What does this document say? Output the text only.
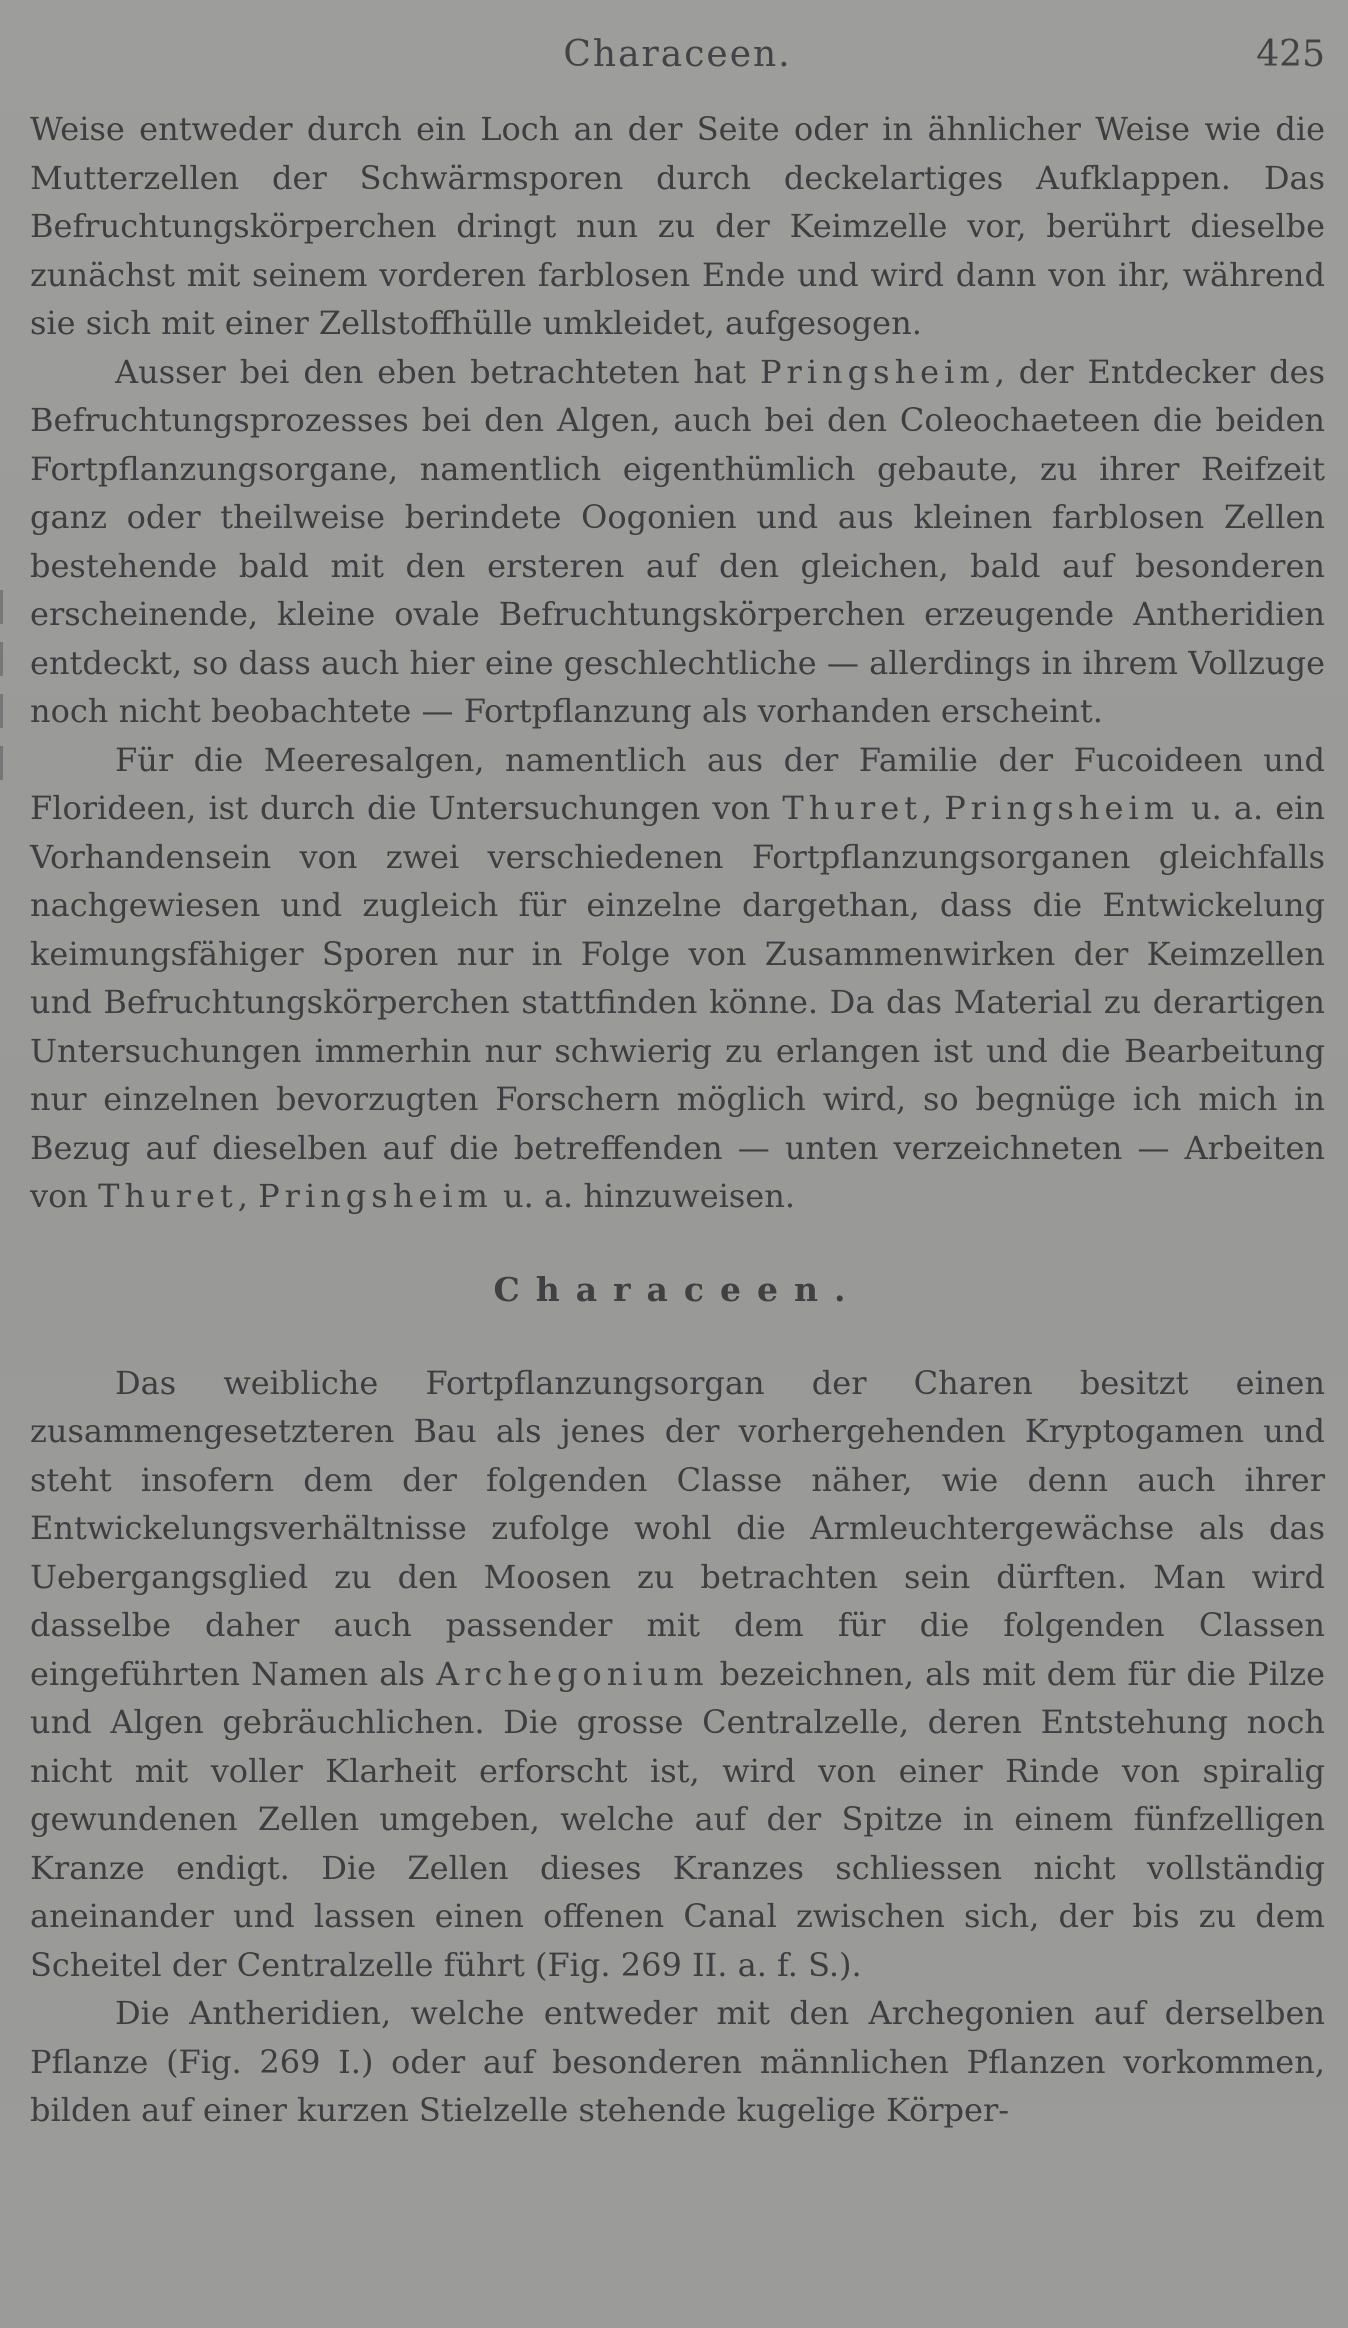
Characeen.	425

Weise entweder durch ein Loch an der Seite oder in ähnlicher Weise wie die Mutterzellen der Schwärmsporen durch deckelartiges Aufklappen. Das Befruchtungskörperchen dringt nun zu der Keimzelle vor, berührt dieselbe zunächst mit seinem vorderen farblosen Ende und wird dann von ihr, während sie sich mit einer Zellstoffhülle umkleidet, aufgesogen.

Ausser bei den eben betrachteten hat Pringsheim, der Entdecker des Befruchtungsprozesses bei den Algen, auch bei den Coleochaeteen die beiden Fortpflanzungsorgane, namentlich eigenthümlich gebaute, zu ihrer Reifzeit ganz oder theilweise berindete Oogonien und aus kleinen farblosen Zellen bestehende bald mit den ersteren auf den gleichen, bald auf besonderen erscheinende, kleine ovale Befruchtungskörperchen erzeugende Antheridien entdeckt, so dass auch hier eine geschlechtliche — allerdings in ihrem Vollzuge noch nicht beobachtete — Fortpflanzung als vorhanden erscheint.

Für die Meeresalgen, namentlich aus der Familie der Fucoideen und Florideen, ist durch die Untersuchungen von Thuret, Pringsheim u. a. ein Vorhandensein von zwei verschiedenen Fortpflanzungsorganen gleichfalls nachgewiesen und zugleich für einzelne dargethan, dass die Entwickelung keimungsfähiger Sporen nur in Folge von Zusammenwirken der Keimzellen und Befruchtungskörperchen stattfinden könne. Da das Material zu derartigen Untersuchungen immerhin nur schwierig zu erlangen ist und die Bearbeitung nur einzelnen bevorzugten Forschern möglich wird, so begnüge ich mich in Bezug auf dieselben auf die betreffenden — unten verzeichneten — Arbeiten von Thuret, Pringsheim u. a. hinzuweisen.

Characeen.

Das weibliche Fortpflanzungsorgan der Charen besitzt einen zusammengesetzteren Bau als jenes der vorhergehenden Kryptogamen und steht insofern dem der folgenden Classe näher, wie denn auch ihrer Entwickelungsverhältnisse zufolge wohl die Armleuchtergewächse als das Uebergangsglied zu den Moosen zu betrachten sein dürften. Man wird dasselbe daher auch passender mit dem für die folgenden Classen eingeführten Namen als Archegonium bezeichnen, als mit dem für die Pilze und Algen gebräuchlichen. Die grosse Centralzelle, deren Entstehung noch nicht mit voller Klarheit erforscht ist, wird von einer Rinde von spiralig gewundenen Zellen umgeben, welche auf der Spitze in einem fünfzelligen Kranze endigt. Die Zellen dieses Kranzes schliessen nicht vollständig aneinander und lassen einen offenen Canal zwischen sich, der bis zu dem Scheitel der Centralzelle führt (Fig. 269 II. a. f. S.).

Die Antheridien, welche entweder mit den Archegonien auf derselben Pflanze (Fig. 269 I.) oder auf besonderen männlichen Pflanzen vorkommen, bilden auf einer kurzen Stielzelle stehende kugelige Körper-
